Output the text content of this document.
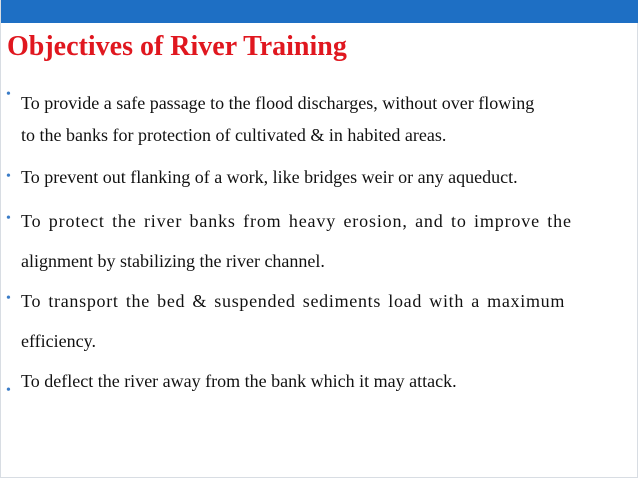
Objectives of River Training
• To provide a safe passage to the flood discharges, without over flowing
to the banks for protection of cultivated & in habited areas.
• To prevent out flanking of a work, like bridges weir or any aqueduct.
• To protect the river banks from heavy erosion, and to improve the
alignment by stabilizing the river channel.
• To transport the bed & suspended sediments load with a maximum
efficiency.
• To deflect the river away from the bank which it may attack.
